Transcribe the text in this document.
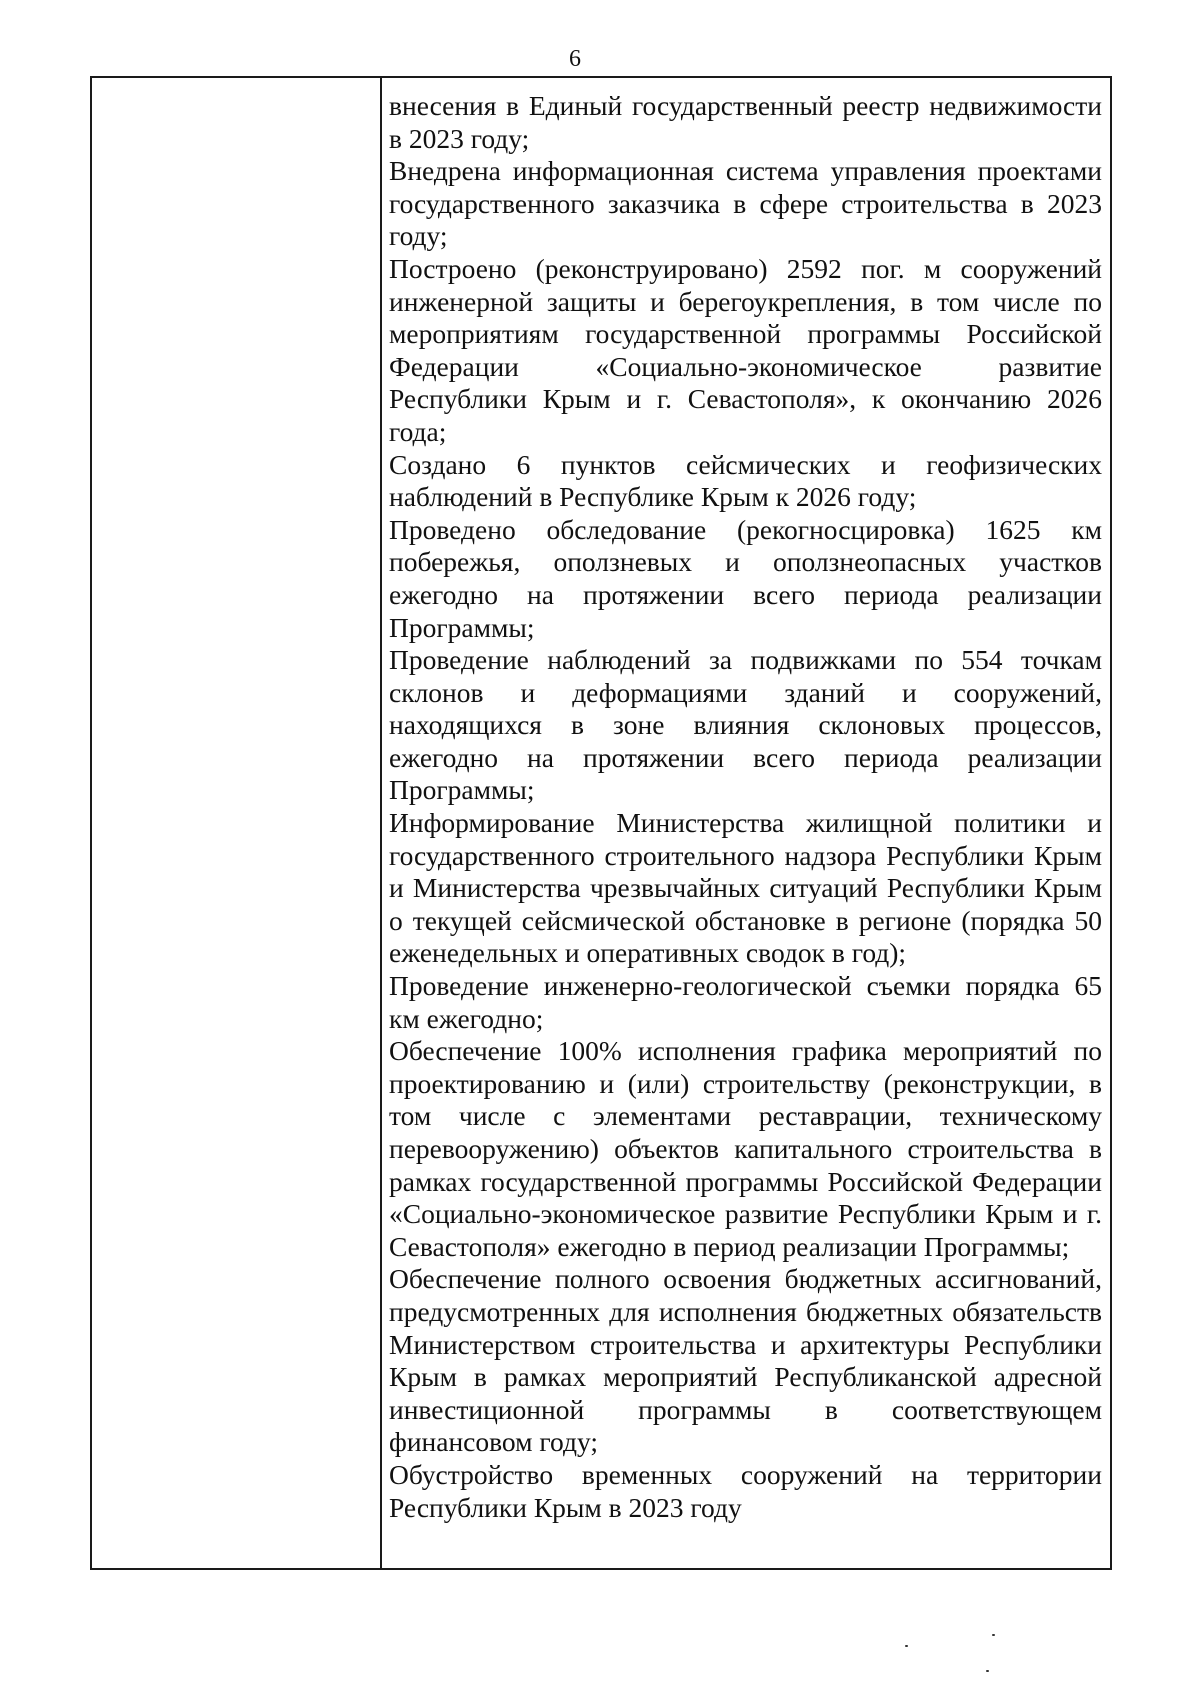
6

внесения в Единый государственный реестр недвижимости в 2023 году;

Внедрена информационная система управления проектами государственного заказчика в сфере строительства в 2023 году;

Построено (реконструировано) 2592 пог. м сооружений инженерной защиты и берегоукрепления, в том числе по мероприятиям государственной программы Российской Федерации «Социально-экономическое развитие Республики Крым и г. Севастополя», к окончанию 2026 года;

Создано 6 пунктов сейсмических и геофизических наблюдений в Республике Крым к 2026 году;

Проведено обследование (рекогносцировка) 1625 км побережья, оползневых и оползнеопасных участков ежегодно на протяжении всего периода реализации Программы;

Проведение наблюдений за подвижками по 554 точкам склонов и деформациями зданий и сооружений, находящихся в зоне влияния склоновых процессов, ежегодно на протяжении всего периода реализации Программы;

Информирование Министерства жилищной политики и государственного строительного надзора Республики Крым и Министерства чрезвычайных ситуаций Республики Крым о текущей сейсмической обстановке в регионе (порядка 50 еженедельных и оперативных сводок в год);

Проведение инженерно-геологической съемки порядка 65 км ежегодно;

Обеспечение 100% исполнения графика мероприятий по проектированию и (или) строительству (реконструкции, в том числе с элементами реставрации, техническому перевооружению) объектов капитального строительства в рамках государственной программы Российской Федерации «Социально-экономическое развитие Республики Крым и г. Севастополя» ежегодно в период реализации Программы;

Обеспечение полного освоения бюджетных ассигнований, предусмотренных для исполнения бюджетных обязательств Министерством строительства и архитектуры Республики Крым в рамках мероприятий Республиканской адресной инвестиционной программы в соответствующем финансовом году;

Обустройство временных сооружений на территории Республики Крым в 2023 году
